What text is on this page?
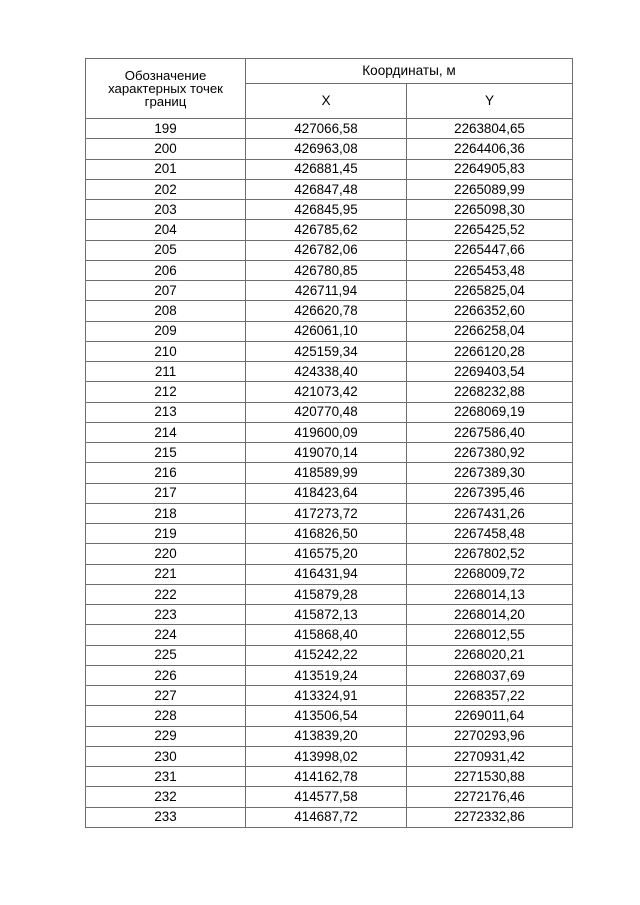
Обозначение характерных точек границ	Координаты, м	
	X	Y
199	427066,58	2263804,65
200	426963,08	2264406,36
201	426881,45	2264905,83
202	426847,48	2265089,99
203	426845,95	2265098,30
204	426785,62	2265425,52
205	426782,06	2265447,66
206	426780,85	2265453,48
207	426711,94	2265825,04
208	426620,78	2266352,60
209	426061,10	2266258,04
210	425159,34	2266120,28
211	424338,40	2269403,54
212	421073,42	2268232,88
213	420770,48	2268069,19
214	419600,09	2267586,40
215	419070,14	2267380,92
216	418589,99	2267389,30
217	418423,64	2267395,46
218	417273,72	2267431,26
219	416826,50	2267458,48
220	416575,20	2267802,52
221	416431,94	2268009,72
222	415879,28	2268014,13
223	415872,13	2268014,20
224	415868,40	2268012,55
225	415242,22	2268020,21
226	413519,24	2268037,69
227	413324,91	2268357,22
228	413506,54	2269011,64
229	413839,20	2270293,96
230	413998,02	2270931,42
231	414162,78	2271530,88
232	414577,58	2272176,46
233	414687,72	2272332,86
